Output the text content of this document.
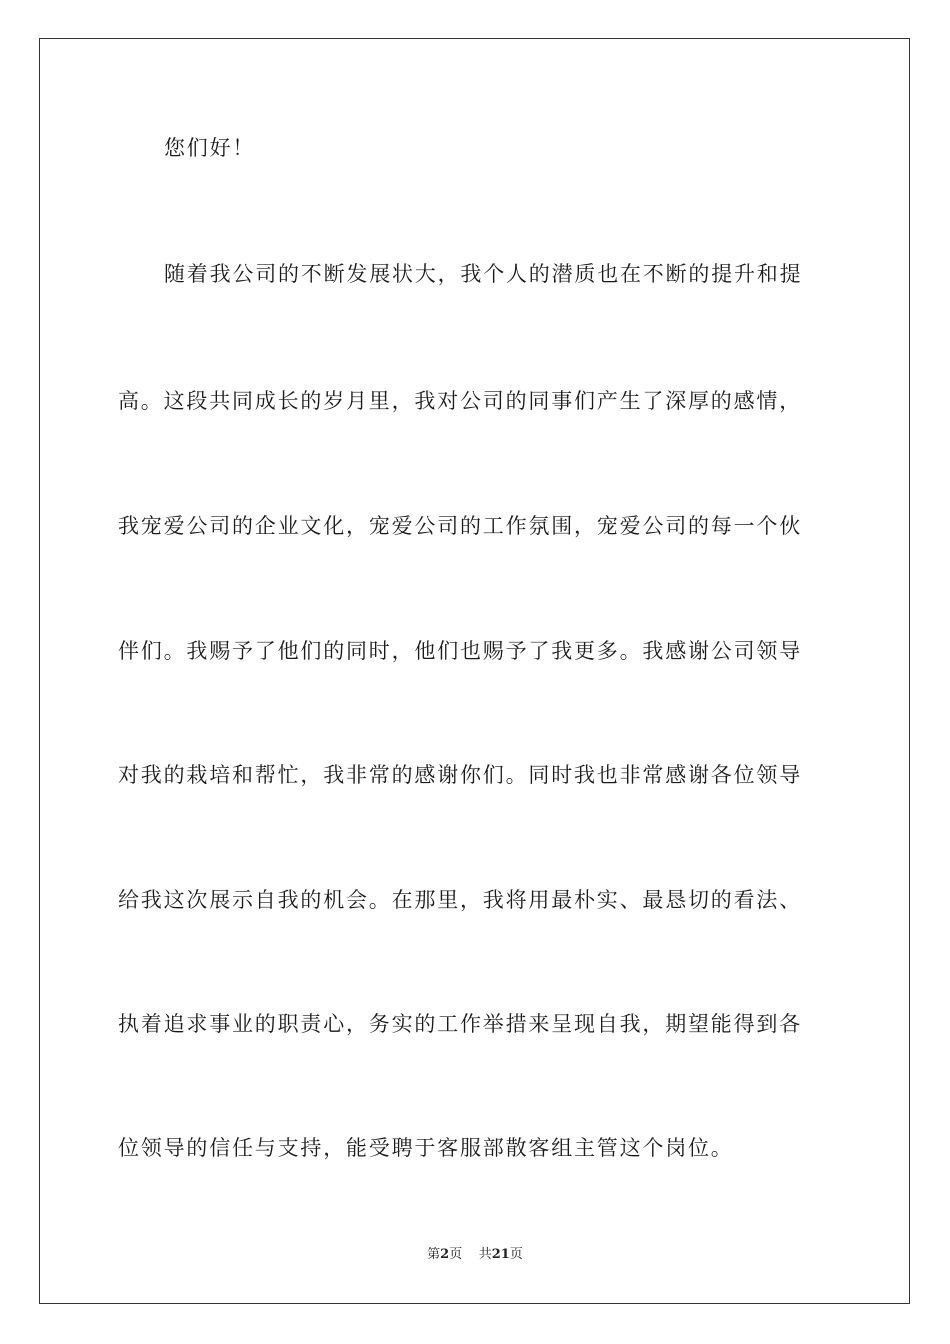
您们好！
随着我公司的不断发展状大，我个人的潜质也在不断的提升和提
高。这段共同成长的岁月里，我对公司的同事们产生了深厚的感情，
我宠爱公司的企业文化，宠爱公司的工作氛围，宠爱公司的每一个伙
伴们。我赐予了他们的同时，他们也赐予了我更多。我感谢公司领导
对我的栽培和帮忙，我非常的感谢你们。同时我也非常感谢各位领导
给我这次展示自我的机会。在那里，我将用最朴实、最恳切的看法、
执着追求事业的职责心，务实的工作举措来呈现自我，期望能得到各
位领导的信任与支持，能受聘于客服部散客组主管这个岗位。
第2页 共21页
